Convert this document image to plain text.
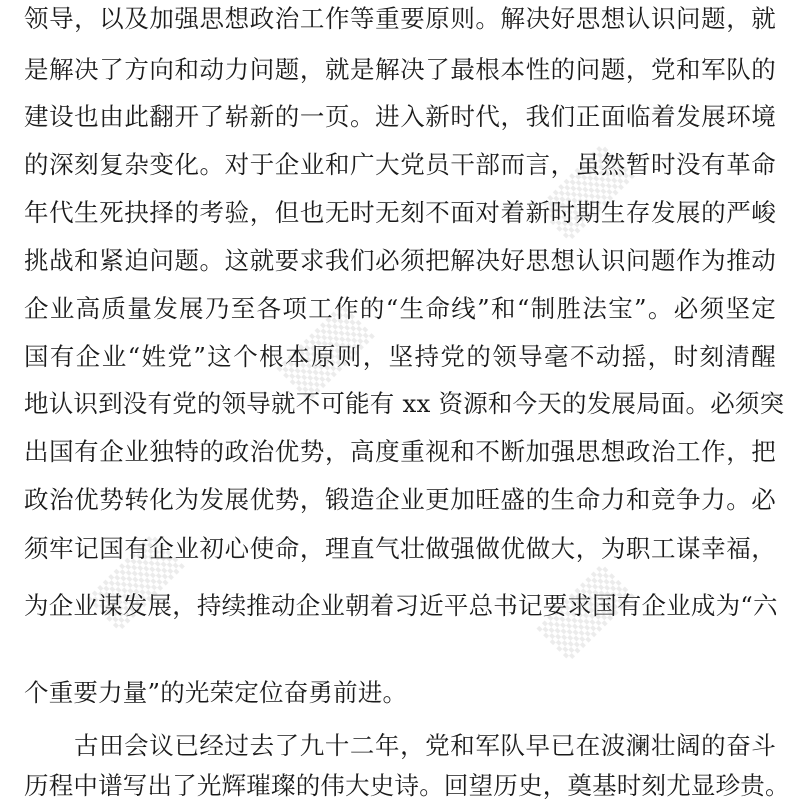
▒▒▒
▒▒▒
▒▒▒	▒▒▒
领导，以及加强思想政治工作等重要原则。解决好思想认识问题，就
是解决了方向和动力问题，就是解决了最根本性的问题，党和军队的
建设也由此翻开了崭新的一页。进入新时代，我们正面临着发展环境
的深刻复杂变化。对于企业和广大党员干部而言，虽然暂时没有革命
年代生死抉择的考验，但也无时无刻不面对着新时期生存发展的严峻
挑战和紧迫问题。这就要求我们必须把解决好思想认识问题作为推动
企业高质量发展乃至各项工作的“生命线”和“制胜法宝”。必须坚定
国有企业“姓党”这个根本原则，坚持党的领导毫不动摇，时刻清醒
地认识到没有党的领导就不可能有 xx 资源和今天的发展局面。必须突
出国有企业独特的政治优势，高度重视和不断加强思想政治工作，把
政治优势转化为发展优势，锻造企业更加旺盛的生命力和竞争力。必
须牢记国有企业初心使命，理直气壮做强做优做大，为职工谋幸福，
为企业谋发展，持续推动企业朝着习近平总书记要求国有企业成为“六
个重要力量”的光荣定位奋勇前进。
古田会议已经过去了九十二年，党和军队早已在波澜壮阔的奋斗
历程中谱写出了光辉璀璨的伟大史诗。回望历史，奠基时刻尤显珍贵。
